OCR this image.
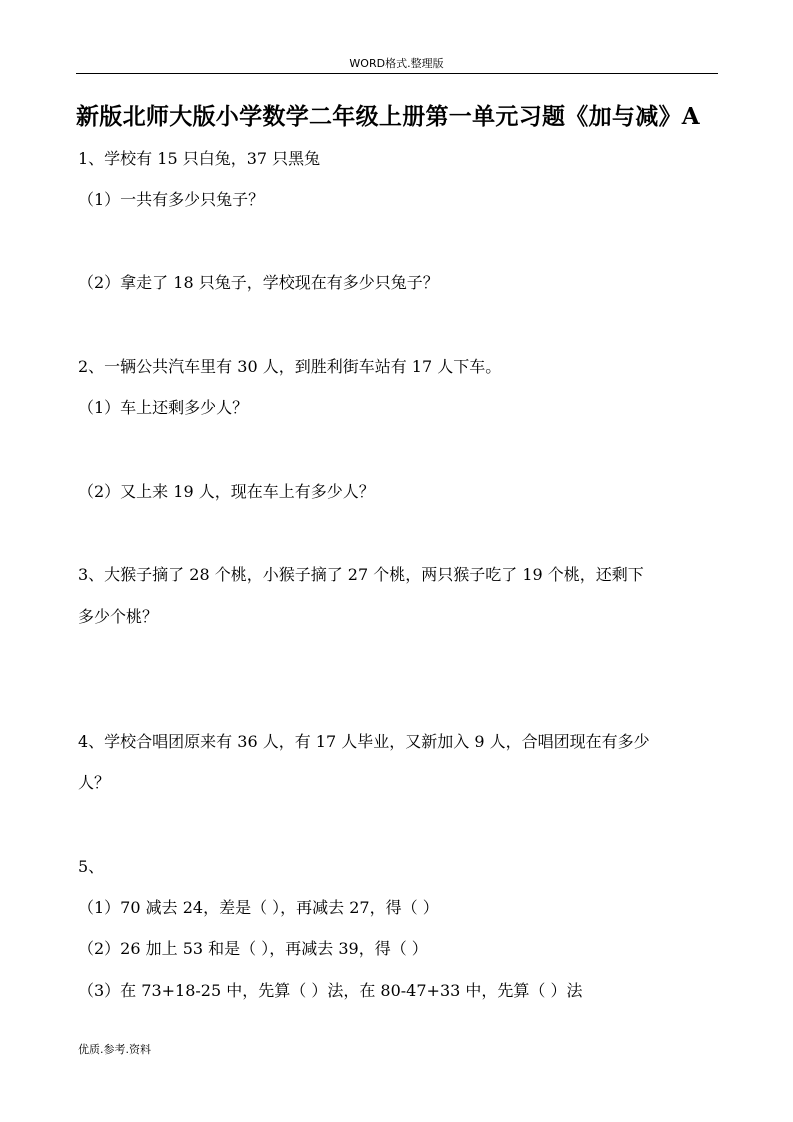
WORD格式.整理版
新版北师大版小学数学二年级上册第一单元习题《加与减》A
1、学校有 15 只白兔，37 只黑兔
（1）一共有多少只兔子？
（2）拿走了 18 只兔子，学校现在有多少只兔子？
2、一辆公共汽车里有 30 人，到胜利街车站有 17 人下车。
（1）车上还剩多少人？
（2）又上来 19 人，现在车上有多少人？
3、大猴子摘了 28 个桃，小猴子摘了 27 个桃，两只猴子吃了 19 个桃，还剩下
多少个桃？
4、学校合唱团原来有 36 人，有 17 人毕业，又新加入 9 人，合唱团现在有多少
人？
5、
（1）70 减去 24，差是（ ），再减去 27，得（ ）
（2）26 加上 53 和是（ ），再减去 39，得（ ）
（3）在 73+18-25 中，先算（ ）法，在 80-47+33 中，先算（ ）法
优质.参考.资料
